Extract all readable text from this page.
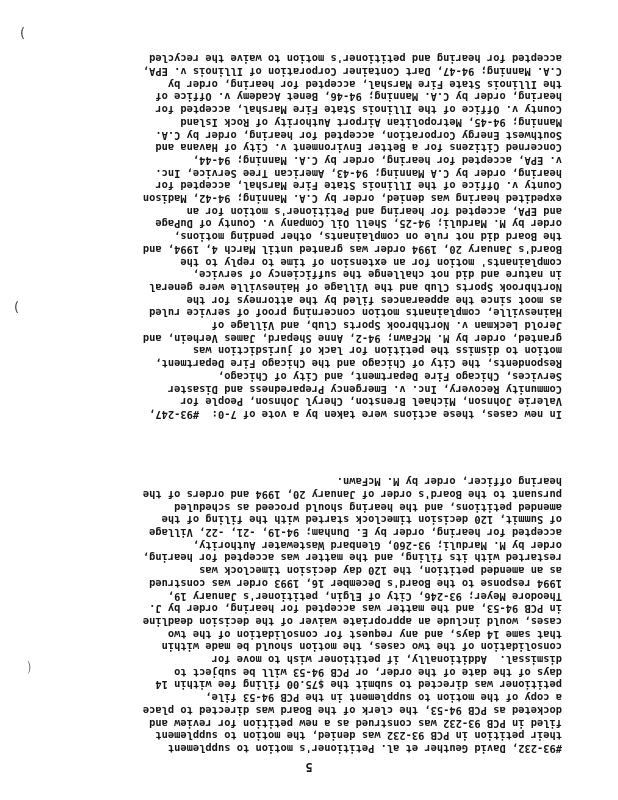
5
#93-232, David Geuther et al. Petitioner's motion to supplement
their petition in PCB 93-232 was denied, the motion to supplement
filed in PCB 93-232 was construed as a new petition for review and
docketed as PCB 94-53, the clerk of the Board was directed to place
a copy of the motion to supplement in the PCB 94-53 file,
petitioner was directed to submit the $75.00 filing fee within 14
days of the date of the order, or PCB 94-53 will be subject to
dismissal.  Additionally, if petitioner wish to move for
consolidation of the two cases, the motion should be made within
that same 14 days, and any request for consolidation of the two
cases, would include an appropriate waiver of the decision deadline
in PCB 94-53, and the matter was accepted for hearing, order by J.
Theodore Meyer; 93-246, City of Elgin, petitioner's January 19,
1994 response to the Board's December 16, 1993 order was construed
as an amended petition, the 120 day decision timeclock was
restarted with its filing, and the matter was accepted for hearing,
order by M. Marduli; 93-260, Glenbard Wastewater Authority,
accepted for hearing, order by E. Dunham; 94-19, -21, -22, Village
of Summit, 120 decision timeclock started with the filing of the
amended petitions, and the hearing should proceed as scheduled
pursuant to the Board's order of January 20, 1994 and orders of the
hearing officer, order by M. McFawn.
In new cases, these actions were taken by a vote of 7-0:  #93-247,
Valerie Johnson, Michael Brenston, Cheryl Johnson, People for
Community Recovery, Inc. v. Emergency Preparedness and Disaster
Services, Chicago Fire Department, and City of Chicago,
Respondents, the City of Chicago and the Chicago Fire Department,
motion to dismiss the petition for lack of jurisdiction was
granted, order by M. McFawn; 94-2, Anne Shepard, James Verhein, and
Jerold Leckman v. Northbrook Sports Club, and Village of
Hainesville, complainants motion concerning proof of service ruled
as moot since the appearances filed by the attorneys for the
Northbrook Sports Club and the Village of Hainesville were general
in nature and did not challenge the sufficiency of service,
complainants' motion for an extension of time to reply to the
Board's January 20, 1994 order was granted until March 4, 1994, and
the Board did not rule on complainants, other pending motions,
order by M. Marduli; 94-25, Shell Oil Company v. County of DuPage
and EPA, accepted for hearing and Petitioner's motion for an
expedited hearing was denied, order by C.A. Manning; 94-42, Madison
County v. Office of the Illinois State Fire Marshal, accepted for
hearing, order by C.A Manning; 94-43, American Tree Service, Inc.
v. EPA, accepted for hearing, order by C.A. Manning; 94-44,
Concerned Citizens for a Better Environment v. City of Havana and
Southwest Energy Corporation, accepted for hearing, order by C.A.
Manning; 94-45, Metropolitan Airport Authority of Rock Island
County v. Office of the Illinois State Fire Marshal, accepted for
hearing, order by C.A. Manning; 94-46, Benet Academy v. Office of
the Illinois State Fire Marshal, accepted for hearing, order by
C.A. Manning; 94-47, Dart Container Corporation of Illinois v. EPA,
accepted for hearing and petitioner's motion to waive the recycled
(
(
⌒
